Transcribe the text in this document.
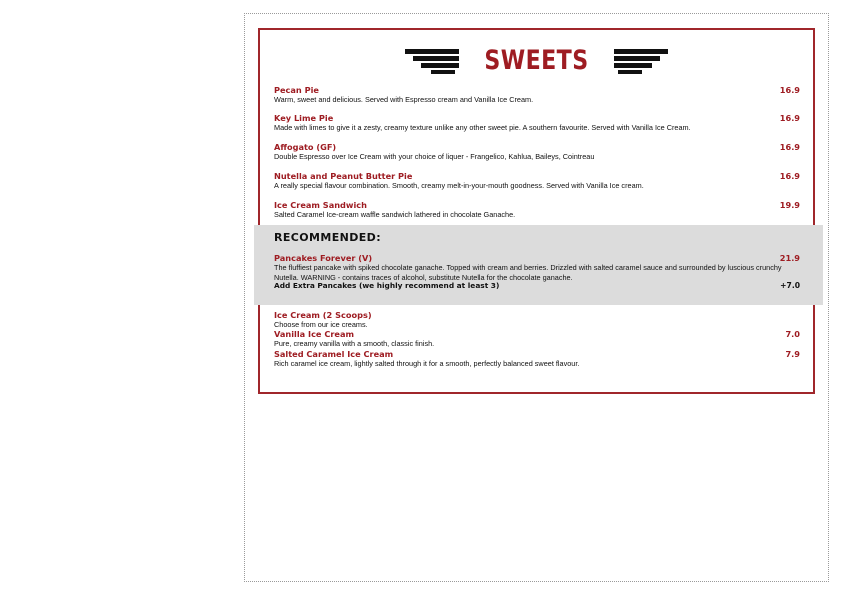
SWEETS
Pecan Pie	16.9
Warm, sweet and delicious. Served with Espresso cream and Vanilla Ice Cream.
Key Lime Pie	16.9
Made with limes to give it a zesty, creamy texture unlike any other sweet pie. A southern favourite. Served with Vanilla Ice Cream.
Affogato (GF)	16.9
Double Espresso over Ice Cream with your choice of liquer - Frangelico, Kahlua, Baileys, Cointreau
Nutella and Peanut Butter Pie	16.9
A really special flavour combination. Smooth, creamy melt-in-your-mouth goodness. Served with Vanilla Ice cream.
Ice Cream Sandwich	19.9
Salted Caramel Ice-cream waffle sandwich lathered in chocolate Ganache.
RECOMMENDED:
Pancakes Forever (V)	21.9
The fluffiest pancake with spiked chocolate ganache. Topped with cream and berries. Drizzled with salted caramel sauce and surrounded by luscious crunchy Nutella. WARNING - contains traces of alcohol, substitute Nutella for the chocolate ganache.
Add Extra Pancakes (we highly recommend at least 3)	+7.0
Ice Cream (2 Scoops)
Choose from our ice creams.
Vanilla Ice Cream	7.0
Pure, creamy vanilla with a smooth, classic finish.
Salted Caramel Ice Cream	7.9
Rich caramel ice cream, lightly salted through it for a smooth, perfectly balanced sweet flavour.
